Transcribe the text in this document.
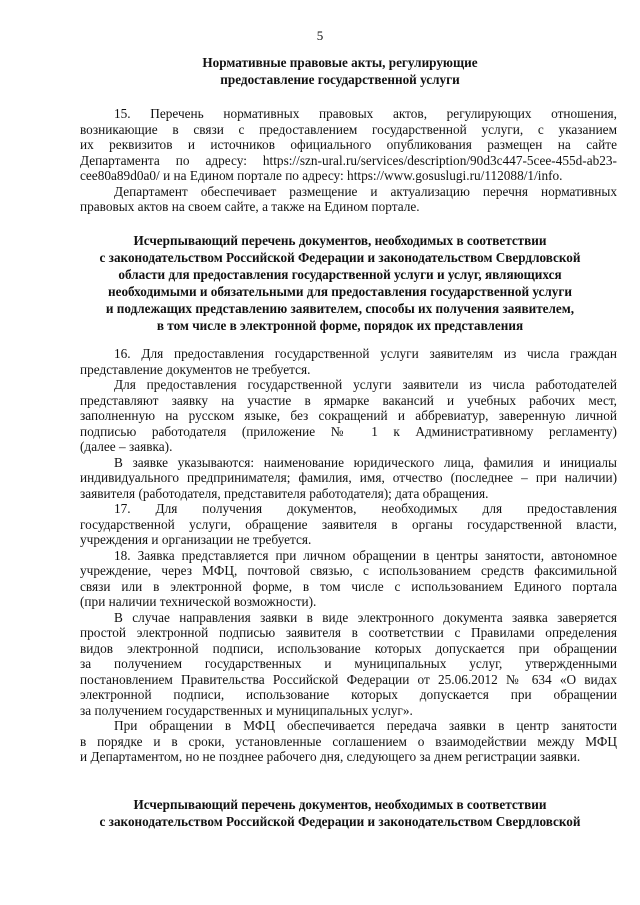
5
Нормативные правовые акты, регулирующие
предоставление государственной услуги
15. Перечень нормативных правовых актов, регулирующих отношения,
возникающие в связи с предоставлением государственной услуги, с указанием
их реквизитов и источников официального опубликования размещен на сайте
Департамента по адресу: https://szn-ural.ru/services/description/90d3c447-5cee-455d-ab23-
cee80a89d0a0/ и на Едином портале по адресу: https://www.gosuslugi.ru/112088/1/info.
Департамент обеспечивает размещение и актуализацию перечня нормативных
правовых актов на своем сайте, а также на Едином портале.
Исчерпывающий перечень документов, необходимых в соответствии
с законодательством Российской Федерации и законодательством Свердловской
области для предоставления государственной услуги и услуг, являющихся
необходимыми и обязательными для предоставления государственной услуги
и подлежащих представлению заявителем, способы их получения заявителем,
в том числе в электронной форме, порядок их представления
16. Для предоставления государственной услуги заявителям из числа граждан
представление документов не требуется.
Для предоставления государственной услуги заявители из числа работодателей
представляют заявку на участие в ярмарке вакансий и учебных рабочих мест,
заполненную на русском языке, без сокращений и аббревиатур, заверенную личной
подписью работодателя (приложение № 1 к Административному регламенту)
(далее – заявка).
В заявке указываются: наименование юридического лица, фамилия и инициалы
индивидуального предпринимателя; фамилия, имя, отчество (последнее – при наличии)
заявителя (работодателя, представителя работодателя); дата обращения.
17. Для получения документов, необходимых для предоставления
государственной услуги, обращение заявителя в органы государственной власти,
учреждения и организации не требуется.
18. Заявка представляется при личном обращении в центры занятости, автономное
учреждение, через МФЦ, почтовой связью, с использованием средств факсимильной
связи или в электронной форме, в том числе с использованием Единого портала
(при наличии технической возможности).
В случае направления заявки в виде электронного документа заявка заверяется
простой электронной подписью заявителя в соответствии с Правилами определения
видов электронной подписи, использование которых допускается при обращении
за получением государственных и муниципальных услуг, утвержденными
постановлением Правительства Российской Федерации от 25.06.2012 № 634 «О видах
электронной подписи, использование которых допускается при обращении
за получением государственных и муниципальных услуг».
При обращении в МФЦ обеспечивается передача заявки в центр занятости
в порядке и в сроки, установленные соглашением о взаимодействии между МФЦ
и Департаментом, но не позднее рабочего дня, следующего за днем регистрации заявки.
Исчерпывающий перечень документов, необходимых в соответствии
с законодательством Российской Федерации и законодательством Свердловской
